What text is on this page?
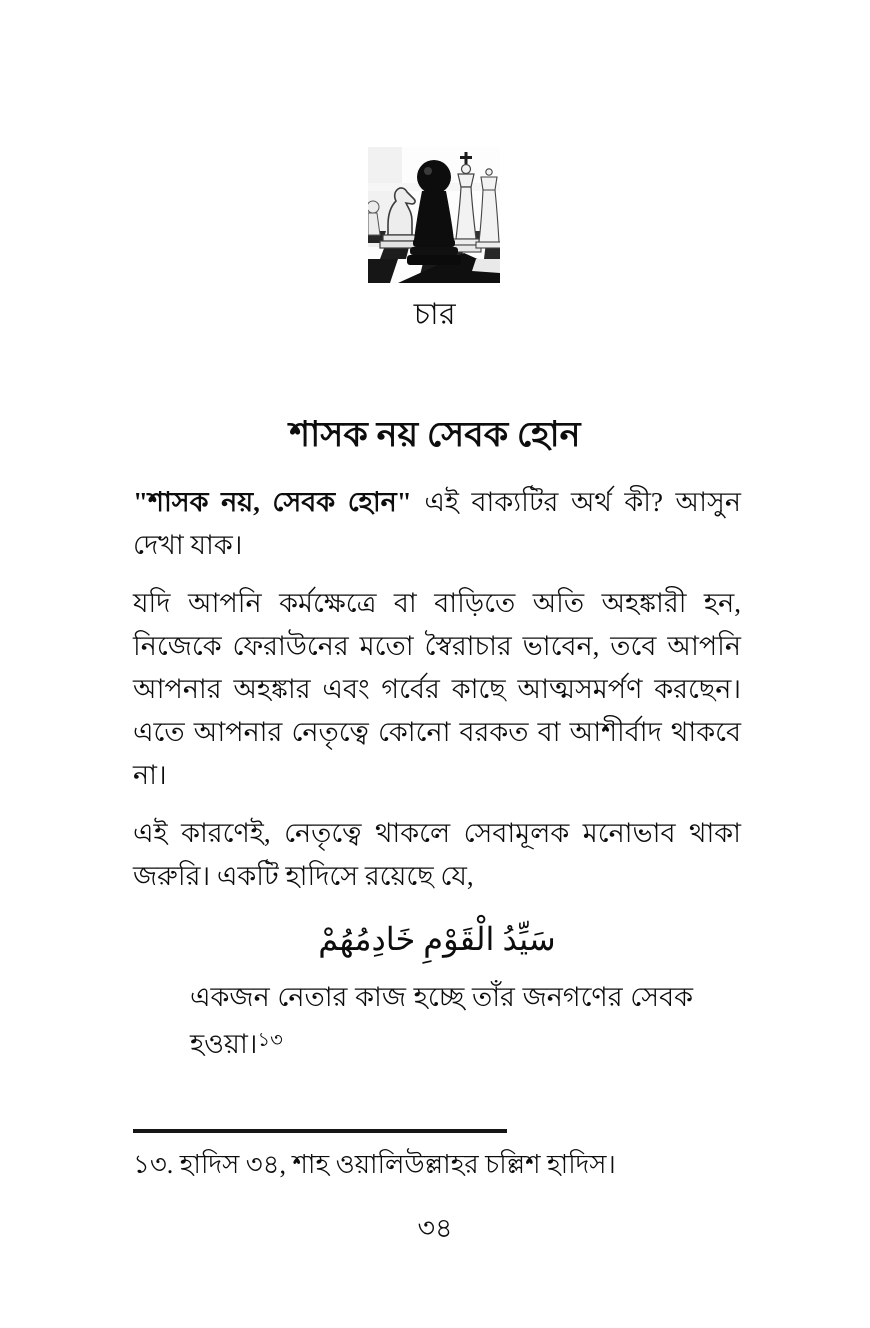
চার
শাসক নয় সেবক হোন

"শাসক নয়, সেবক হোন" এই বাক্যটির অর্থ কী? আসুন দেখা যাক।

যদি আপনি কর্মক্ষেত্রে বা বাড়িতে অতি অহঙ্কারী হন, নিজেকে ফেরাউনের মতো স্বৈরাচার ভাবেন, তবে আপনি আপনার অহঙ্কার এবং গর্বের কাছে আত্মসমর্পণ করছেন। এতে আপনার নেতৃত্বে কোনো বরকত বা আশীর্বাদ থাকবে না।

এই কারণেই, নেতৃত্বে থাকলে সেবামূলক মনোভাব থাকা জরুরি। একটি হাদিসে রয়েছে যে,

سَيِّدُ الْقَوْمِ خَادِمُهُمْ

একজন নেতার কাজ হচ্ছে তাঁর জনগণের সেবক হওয়া।$^{১৩}$

১৩. হাদিস ৩৪, শাহ ওয়ালিউল্লাহর চল্লিশ হাদিস।

৩৪
